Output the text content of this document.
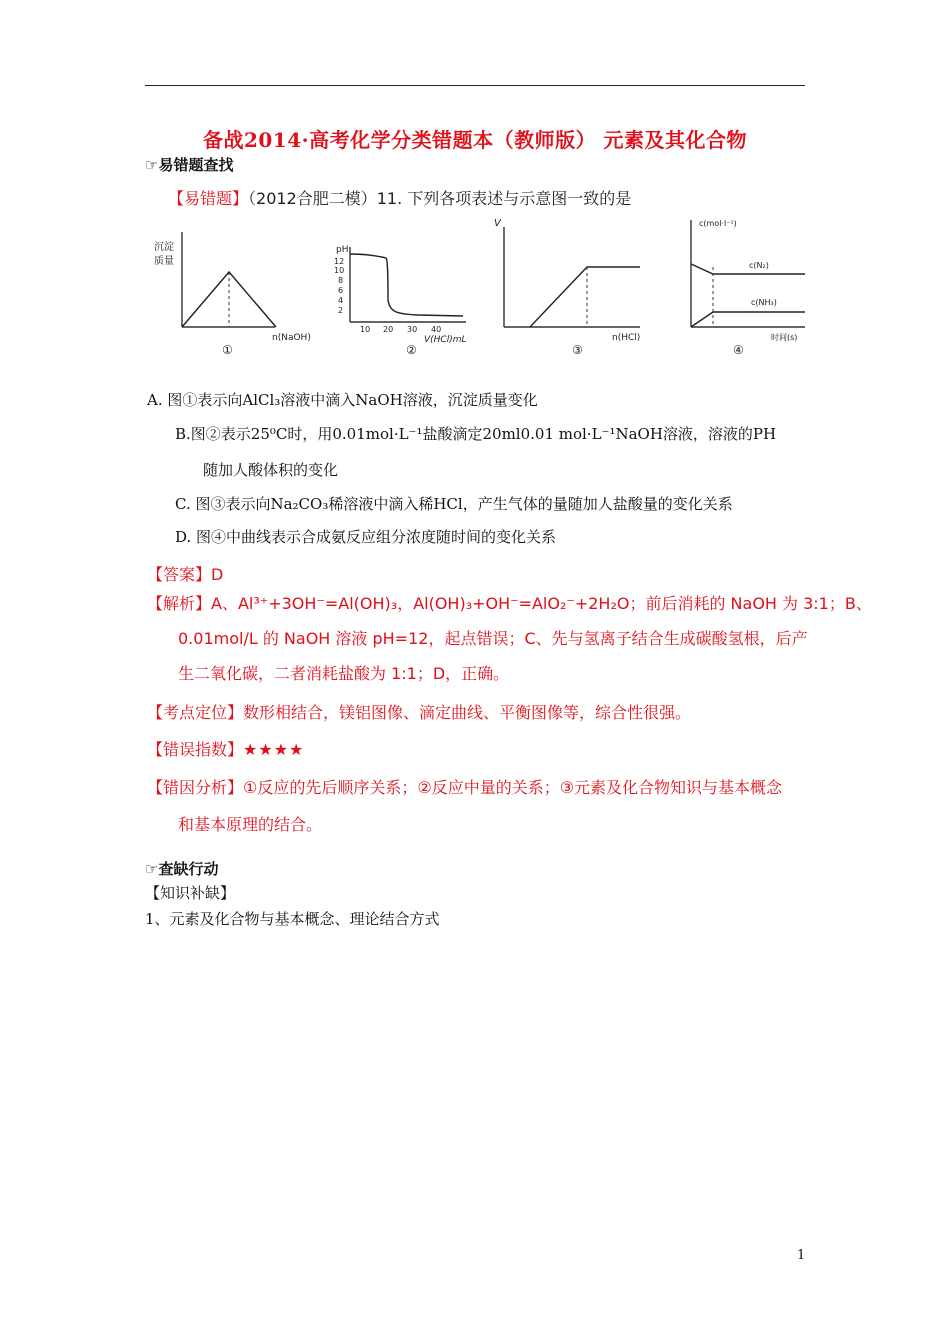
备战2014·高考化学分类错题本（教师版） 元素及其化合物
☞易错题查找
【易错题】（2012合肥二模）11. 下列各项表述与示意图一致的是
沉淀
质量
n(NaOH)
①
pH
12
10
8
6
4
2
10 20 30 40
V(HCl)mL
②
V
n(HCl)
③
c(mol·l⁻¹)
c(N₂)
c(NH₃)
时间(s)
④
A. 图①表示向AlCl₃溶液中滴入NaOH溶液，沉淀质量变化
B.图②表示25⁰C时，用0.01mol·L⁻¹盐酸滴定20ml0.01 mol·L⁻¹NaOH溶液，溶液的PH
随加人酸体积的变化
C. 图③表示向Na₂CO₃稀溶液中滴入稀HCl，产生气体的量随加人盐酸量的变化关系
D. 图④中曲线表示合成氨反应组分浓度随时间的变化关系
【答案】D
【解析】A、Al³⁺+3OH⁻=Al(OH)₃，Al(OH)₃+OH⁻=AlO₂⁻+2H₂O；前后消耗的 NaOH 为 3:1；B、
0.01mol/L 的 NaOH 溶液 pH=12，起点错误；C、先与氢离子结合生成碳酸氢根，后产
生二氧化碳，二者消耗盐酸为 1:1；D，正确。
【考点定位】数形相结合，镁铝图像、滴定曲线、平衡图像等，综合性很强。
【错误指数】★★★★
【错因分析】①反应的先后顺序关系；②反应中量的关系；③元素及化合物知识与基本概念
和基本原理的结合。
☞查缺行动
【知识补缺】
1、元素及化合物与基本概念、理论结合方式
1
